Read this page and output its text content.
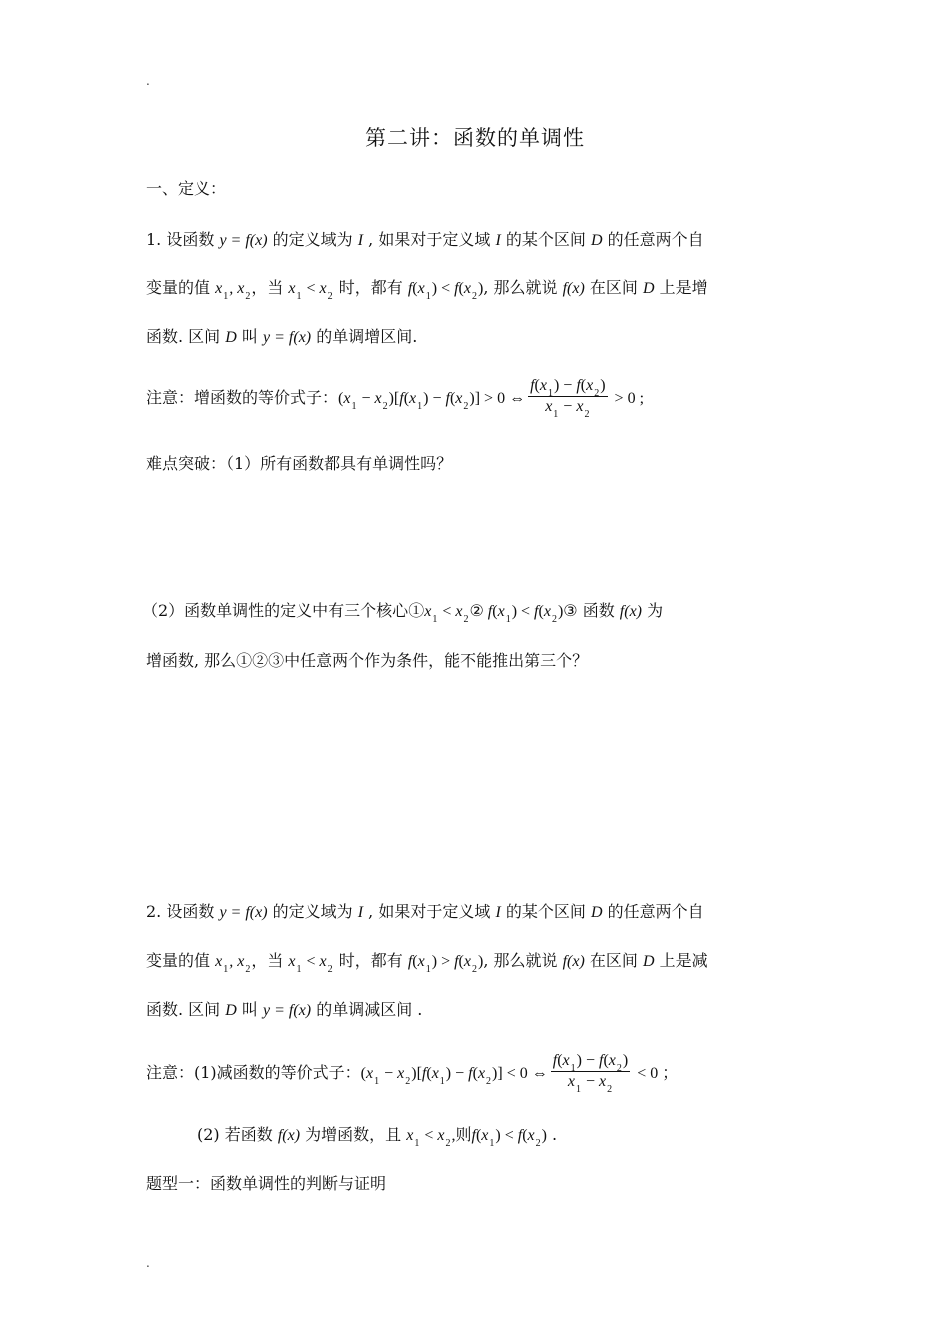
.
第二讲：函数的单调性
一、定义：
1. 设函数 y = f(x) 的定义域为 I , 如果对于定义域 I 的某个区间 D 的任意两个自
变量的值 $x_1$, $x_2$，当 $x_1 < x_2$ 时，都有 $f(x_1) < f(x_2)$, 那么就说 f(x) 在区间 D 上是增
函数. 区间 D 叫 y = f(x) 的单调增区间.
注意：增函数的等价式子：$(x_1 - x_2)[f(x_1) - f(x_2)] > 0$ ⇔ $\frac{f(x_1) - f(x_2)}{x_1 - x_2} > 0$ ;
难点突破：（1）所有函数都具有单调性吗？
（2）函数单调性的定义中有三个核心$①x_1$ < $x_2②$ $f(x_1)$ < $f(x_2)③$ 函数 f(x) 为
增函数, 那么①②③中任意两个作为条件，能不能推出第三个？
2. 设函数 y = f(x) 的定义域为 I , 如果对于定义域 I 的某个区间 D 的任意两个自
变量的值 $x_1$, $x_2$，当 $x_1 < x_2$ 时，都有 $f(x_1) > f(x_2)$, 那么就说 f(x) 在区间 D 上是减
函数. 区间 D 叫 y = f(x) 的单调减区间 .
注意：(1)减函数的等价式子：$(x_1 - x_2)[f(x_1) - f(x_2)] < 0$ ⇔ $\frac{f(x_1) - f(x_2)}{x_1 - x_2} < 0$ ；
(2) 若函数 f(x) 为增函数，且 $x_1 < x_2$,则$f(x_1) < f(x_2)$ .
题型一：函数单调性的判断与证明
.
